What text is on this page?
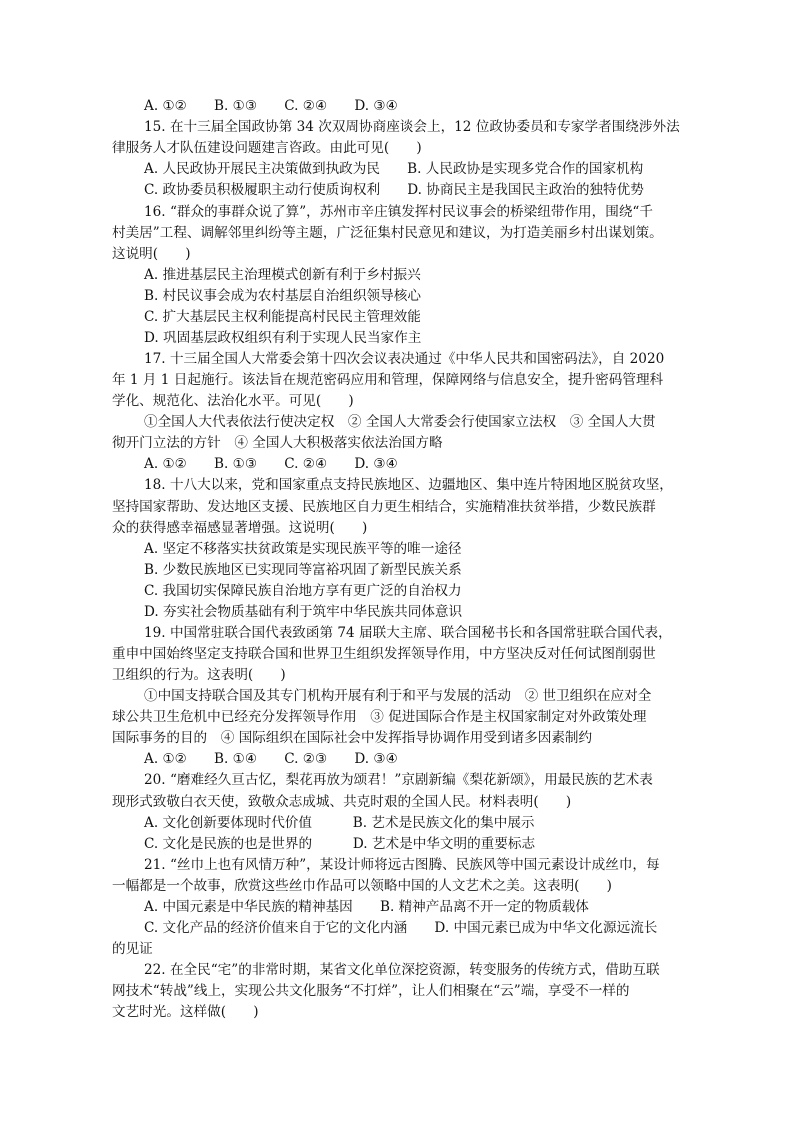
A. ①②　　B. ①③　　C. ②④　　D. ③④
15. 在十三届全国政协第 34 次双周协商座谈会上，12 位政协委员和专家学者围绕涉外法
律服务人才队伍建设问题建言咨政。由此可见(　　)
A. 人民政协开展民主决策做到执政为民　　B. 人民政协是实现多党合作的国家机构
C. 政协委员积极履职主动行使质询权利　　D. 协商民主是我国民主政治的独特优势
16. “群众的事群众说了算”，苏州市辛庄镇发挥村民议事会的桥梁纽带作用，围绕“千
村美居”工程、调解邻里纠纷等主题，广泛征集村民意见和建议，为打造美丽乡村出谋划策。
这说明(　　)
A. 推进基层民主治理模式创新有利于乡村振兴
B. 村民议事会成为农村基层自治组织领导核心
C. 扩大基层民主权利能提高村民民主管理效能
D. 巩固基层政权组织有利于实现人民当家作主
17. 十三届全国人大常委会第十四次会议表决通过《中华人民共和国密码法》，自 2020
年 1 月 1 日起施行。该法旨在规范密码应用和管理，保障网络与信息安全，提升密码管理科
学化、规范化、法治化水平。可见(　　)
①全国人大代表依法行使决定权　② 全国人大常委会行使国家立法权　③ 全国人大贯
彻开门立法的方针　④ 全国人大积极落实依法治国方略
A. ①②　　B. ①③　　C. ②④　　D. ③④
18. 十八大以来，党和国家重点支持民族地区、边疆地区、集中连片特困地区脱贫攻坚，
坚持国家帮助、发达地区支援、民族地区自力更生相结合，实施精准扶贫举措，少数民族群
众的获得感幸福感显著增强。这说明(　　)
A. 坚定不移落实扶贫政策是实现民族平等的唯一途径
B. 少数民族地区已实现同等富裕巩固了新型民族关系
C. 我国切实保障民族自治地方享有更广泛的自治权力
D. 夯实社会物质基础有利于筑牢中华民族共同体意识
19. 中国常驻联合国代表致函第 74 届联大主席、联合国秘书长和各国常驻联合国代表，
重申中国始终坚定支持联合国和世界卫生组织发挥领导作用，中方坚决反对任何试图削弱世
卫组织的行为。这表明(　　)
①中国支持联合国及其专门机构开展有利于和平与发展的活动　② 世卫组织在应对全
球公共卫生危机中已经充分发挥领导作用　③ 促进国际合作是主权国家制定对外政策处理
国际事务的目的　④ 国际组织在国际社会中发挥指导协调作用受到诸多因素制约
A. ①②　　B. ①④　　C. ②③　　D. ③④
20. “磨难经久亘古忆，梨花再放为颂君！”京剧新编《梨花新颂》，用最民族的艺术表
现形式致敬白衣天使，致敬众志成城、共克时艰的全国人民。材料表明(　　)
A. 文化创新要体现时代价值　　　B. 艺术是民族文化的集中展示
C. 文化是民族的也是世界的　　　D. 艺术是中华文明的重要标志
21. “丝巾上也有风情万种”，某设计师将远古图腾、民族风等中国元素设计成丝巾，每
一幅都是一个故事，欣赏这些丝巾作品可以领略中国的人文艺术之美。这表明(　　)
A. 中国元素是中华民族的精神基因　　B. 精神产品离不开一定的物质载体
C. 文化产品的经济价值来自于它的文化内涵　　D. 中国元素已成为中华文化源远流长
的见证
22. 在全民“宅”的非常时期，某省文化单位深挖资源，转变服务的传统方式，借助互联
网技术“转战”线上，实现公共文化服务“不打烊”，让人们相聚在“云”端，享受不一样的
文艺时光。这样做(　　)
